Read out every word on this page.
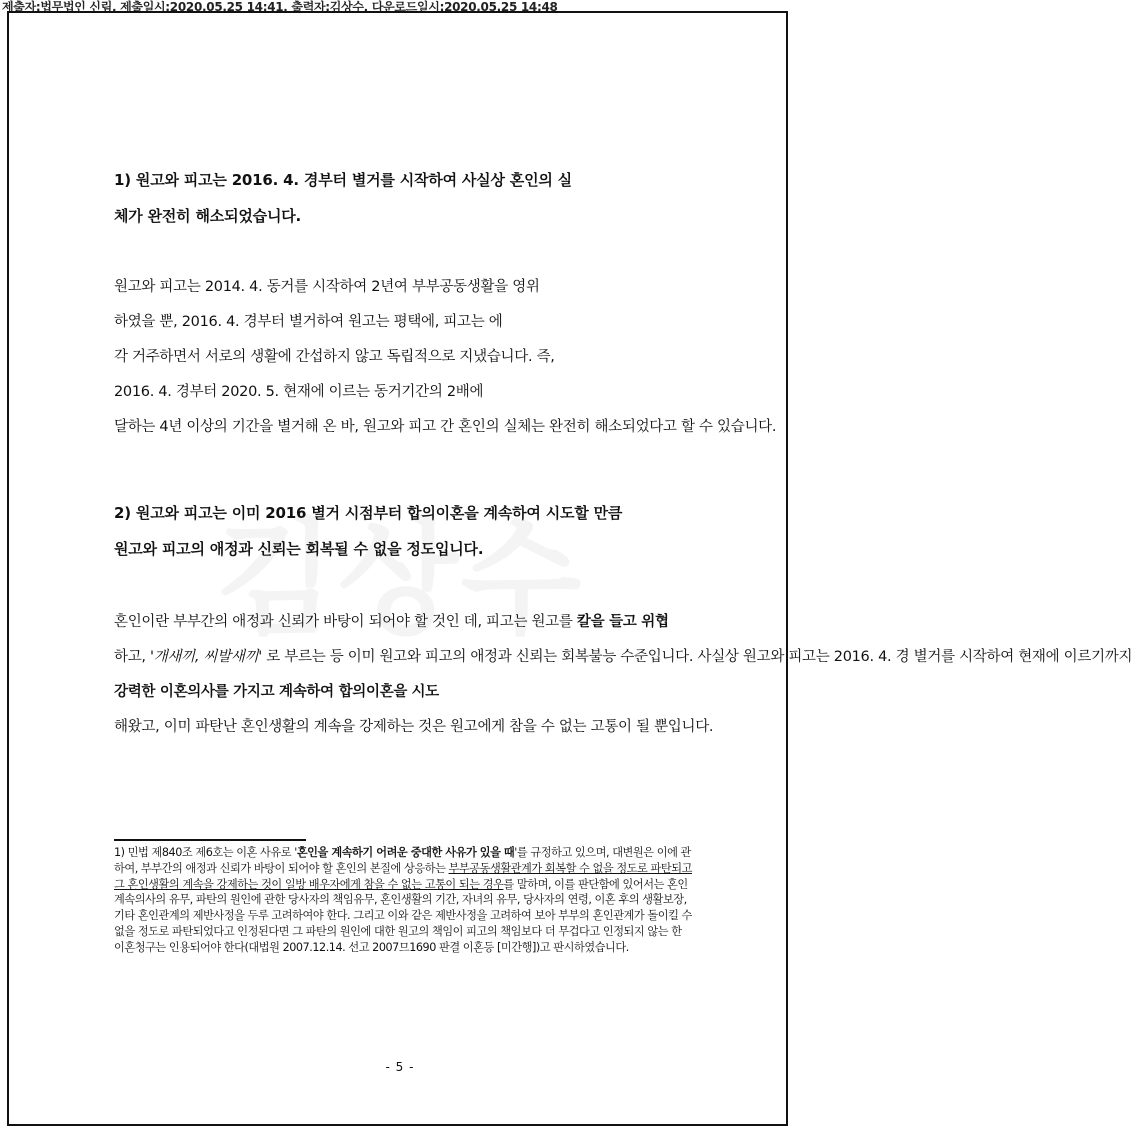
제출자:법무법인 신림, 제출일시:2020.05.25 14:41, 출력자:김상수, 다운로드일시:2020.05.25 14:48
1) 원고와 피고는 2016. 4. 경부터 별거를 시작하여 사실상 혼인의 실
체가 완전히 해소되었습니다.
원고와 피고는 2014. 4. 동거를 시작하여 2년여 부부공동생활을 영위
하였을 뿐, 2016. 4. 경부터 별거하여 원고는 평택에, 피고는 에
각 거주하면서 서로의 생활에 간섭하지 않고 독립적으로 지냈습니다. 즉,
2016. 4. 경부터 2020. 5. 현재에 이르는 동거기간의 2배에
달하는 4년 이상의 기간을 별거해 온 바, 원고와 피고 간 혼인의 실체는 완전히 해소되었다고 할 수 있습니다.
2) 원고와 피고는 이미 2016 별거 시점부터 합의이혼을 계속하여 시도할 만큼
원고와 피고의 애정과 신뢰는 회복될 수 없을 정도입니다.
혼인이란 부부간의 애정과 신뢰가 바탕이 되어야 할 것인 데, 피고는 원고를 칼을 들고 위협하고, '개새끼, 씨발새끼' 로 부르는 등 이미 원고와 피고의 애정과 신뢰는 회복불능 수준입니다. 사실상 원고와 피고는 2016. 4. 경 별거를 시작하여 현재에 이르기까지 강력한 이혼의사를 가지고 계속하여 합의이혼을 시도해왔고, 이미 파탄난 혼인생활의 계속을 강제하는 것은 원고에게 참을 수 없는 고통이 될 뿐입니다.
1) 민법 제840조 제6호는 이혼 사유로 '혼인을 계속하기 어려운 중대한 사유가 있을 때'를 규정하고 있으며, 대변원은 이에 관하여, 부부간의 애정과 신뢰가 바탕이 되어야 할 혼인의 본질에 상응하는 부부공동생활관계가 회복할 수 없을 정도로 파탄되고 그 혼인생활의 계속을 강제하는 것이 일방 배우자에게 참을 수 없는 고통이 되는 경우를 말하며, 이를 판단함에 있어서는 혼인계속의사의 유무, 파탄의 원인에 관한 당사자의 책임유무, 혼인생활의 기간, 자녀의 유무, 당사자의 연령, 이혼 후의 생활보장, 기타 혼인관계의 제반사정을 두루 고려하여야 한다. 그리고 이와 같은 제반사정을 고려하여 보아 부부의 혼인관계가 돌이킬 수 없을 정도로 파탄되었다고 인정된다면 그 파탄의 원인에 대한 원고의 책임이 피고의 책임보다 더 무겁다고 인정되지 않는 한 이혼청구는 인용되어야 한다(대법원 2007.12.14. 선고 2007므1690 판결 이혼등 [미간행])고 판시하였습니다.
- 5 -
